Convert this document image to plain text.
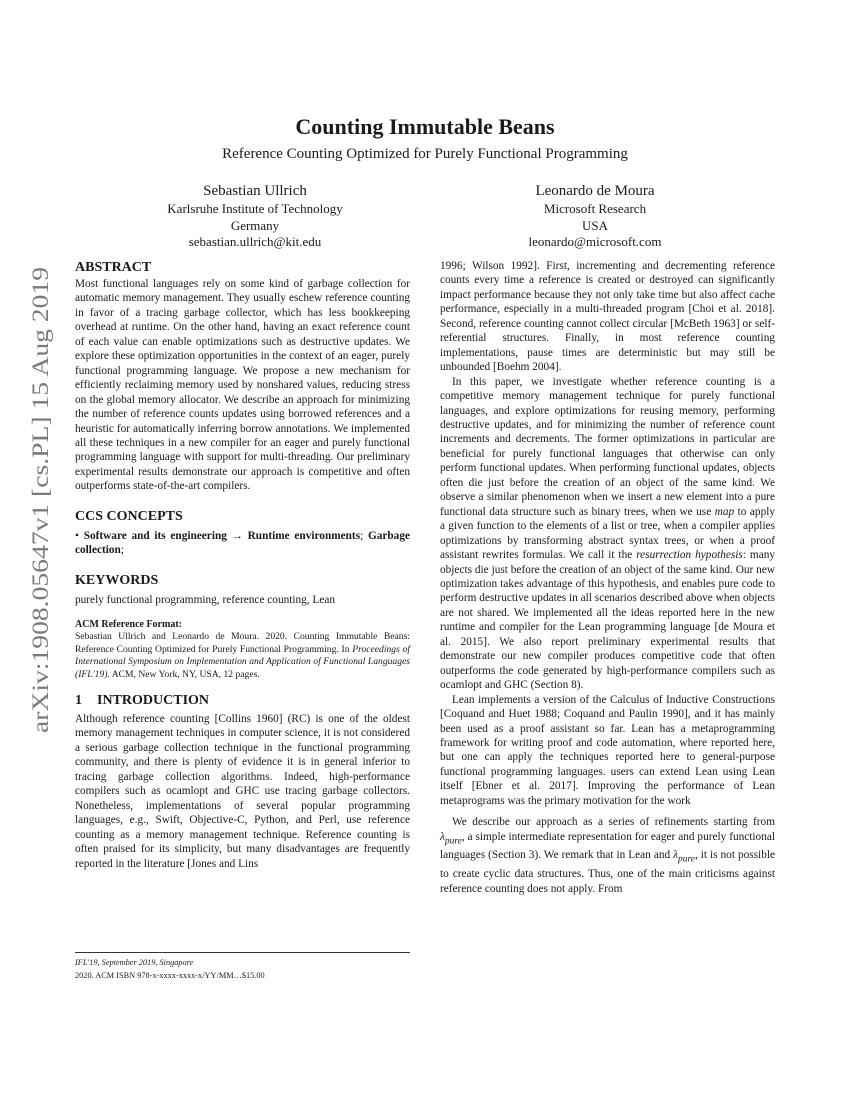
arXiv:1908.05647v1 [cs.PL] 15 Aug 2019
Counting Immutable Beans
Reference Counting Optimized for Purely Functional Programming
Sebastian Ullrich
Karlsruhe Institute of Technology
Germany
sebastian.ullrich@kit.edu
Leonardo de Moura
Microsoft Research
USA
leonardo@microsoft.com
ABSTRACT

Most functional languages rely on some kind of garbage collection for automatic memory management. They usually eschew reference counting in favor of a tracing garbage collector, which has less bookkeeping overhead at runtime. On the other hand, having an exact reference count of each value can enable optimizations such as destructive updates. We explore these optimization opportunities in the context of an eager, purely functional programming language. We propose a new mechanism for efficiently reclaiming memory used by nonshared values, reducing stress on the global memory allocator. We describe an approach for minimizing the number of reference counts updates using borrowed references and a heuristic for automatically inferring borrow annotations. We implemented all these techniques in a new compiler for an eager and purely functional programming language with support for multi-threading. Our preliminary experimental results demonstrate our approach is competitive and often outperforms state-of-the-art compilers.

CCS CONCEPTS

• Software and its engineering → Runtime environments; Garbage collection;

KEYWORDS

purely functional programming, reference counting, Lean

ACM Reference Format:
Sebastian Ullrich and Leonardo de Moura. 2020. Counting Immutable Beans: Reference Counting Optimized for Purely Functional Programming. In Proceedings of International Symposium on Implementation and Application of Functional Languages (IFL'19). ACM, New York, NY, USA, 12 pages.
1 INTRODUCTION

Although reference counting [Collins 1960] (RC) is one of the oldest memory management techniques in computer science, it is not considered a serious garbage collection technique in the functional programming community, and there is plenty of evidence it is in general inferior to tracing garbage collection algorithms. Indeed, high-performance compilers such as ocamlopt and GHC use tracing garbage collectors. Nonetheless, implementations of several popular programming languages, e.g., Swift, Objective-C, Python, and Perl, use reference counting as a memory management technique. Reference counting is often praised for its simplicity, but many disadvantages are frequently reported in the literature [Jones and Lins

1996; Wilson 1992]. First, incrementing and decrementing reference counts every time a reference is created or destroyed can significantly impact performance because they not only take time but also affect cache performance, especially in a multi-threaded program [Choi et al. 2018]. Second, reference counting cannot collect circular [McBeth 1963] or self-referential structures. Finally, in most reference counting implementations, pause times are deterministic but may still be unbounded [Boehm 2004].

In this paper, we investigate whether reference counting is a competitive memory management technique for purely functional languages, and explore optimizations for reusing memory, performing destructive updates, and for minimizing the number of reference count increments and decrements. The former optimizations in particular are beneficial for purely functional languages that otherwise can only perform functional updates. When performing functional updates, objects often die just before the creation of an object of the same kind. We observe a similar phenomenon when we insert a new element into a pure functional data structure such as binary trees, when we use map to apply a given function to the elements of a list or tree, when a compiler applies optimizations by transforming abstract syntax trees, or when a proof assistant rewrites formulas. We call it the resurrection hypothesis: many objects die just before the creation of an object of the same kind. Our new optimization takes advantage of this hypothesis, and enables pure code to perform destructive updates in all scenarios described above when objects are not shared. We implemented all the ideas reported here in the new runtime and compiler for the Lean programming language [de Moura et al. 2015]. We also report preliminary experimental results that demonstrate our new compiler produces competitive code that often outperforms the code generated by high-performance compilers such as ocamlopt and GHC (Section 8).

Lean implements a version of the Calculus of Inductive Constructions [Coquand and Huet 1988; Coquand and Paulin 1990], and it has mainly been used as a proof assistant so far. Lean has a metaprogramming framework for writing proof and code automation, where reported here, but one can apply the techniques reported here to general-purpose functional programming languages. users can extend Lean using Lean itself [Ebner et al. 2017]. Improving the performance of Lean metaprograms was the primary motivation for the work

We describe our approach as a series of refinements starting from $\lambda_{pure}$, a simple intermediate representation for eager and purely functional languages (Section 3). We remark that in Lean and $\lambda_{pure}$, it is not possible to create cyclic data structures. Thus, one of the main criticisms against reference counting does not apply. From

IFL'19, September 2019, Singapore
2020. ACM ISBN 978-x-xxxx-xxxx-x/YY/MM…$15.00
